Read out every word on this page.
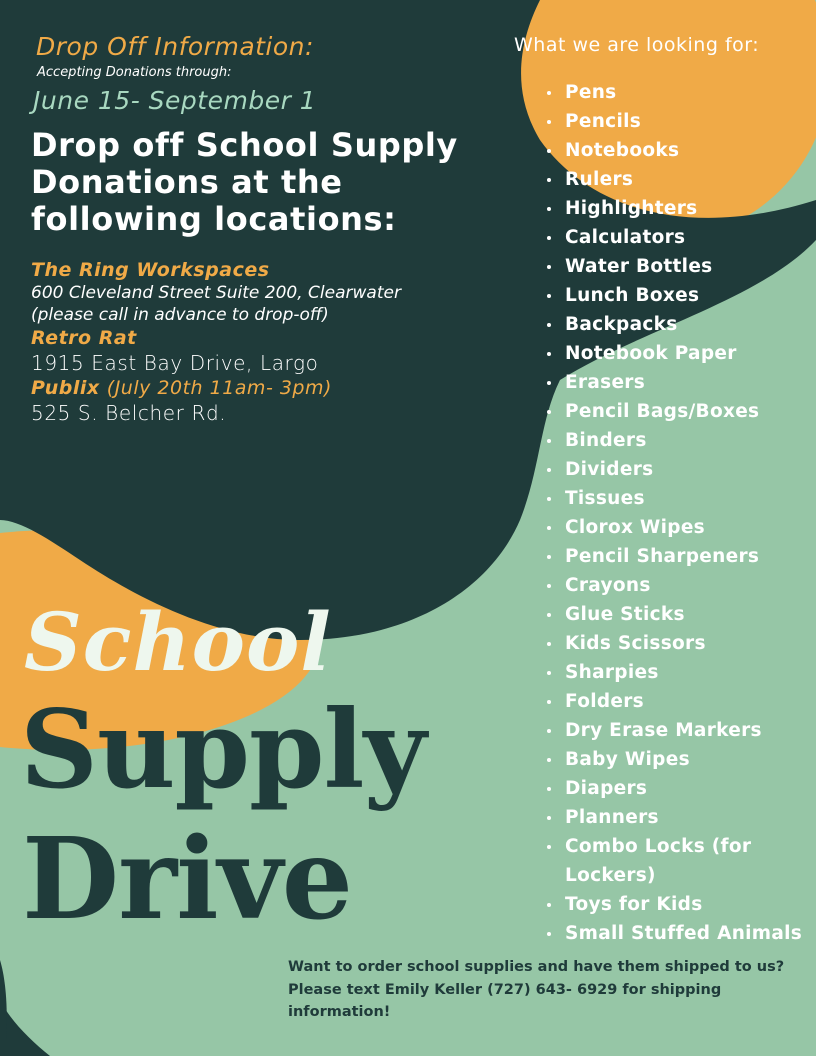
Drop Off Information:
Accepting Donations through:
June 15- September 1
Drop off School Supply Donations at the following locations:
The Ring Workspaces
600 Cleveland Street Suite 200, Clearwater
(please call in advance to drop-off)
Retro Rat
1915 East Bay Drive, Largo
Publix (July 20th 11am- 3pm)
525 S. Belcher Rd.
What we are looking for:
Pens
Pencils
Notebooks
Rulers
Highlighters
Calculators
Water Bottles
Lunch Boxes
Backpacks
Notebook Paper
Erasers
Pencil Bags/Boxes
Binders
Dividers
Tissues
Clorox Wipes
Pencil Sharpeners
Crayons
Glue Sticks
Kids Scissors
Sharpies
Folders
Dry Erase Markers
Baby Wipes
Diapers
Planners
Combo Locks (for Lockers)
Toys for Kids
Small Stuffed Animals
School
Supply
Drive
Want to order school supplies and have them shipped to us? Please text Emily Keller (727) 643- 6929 for shipping information!
